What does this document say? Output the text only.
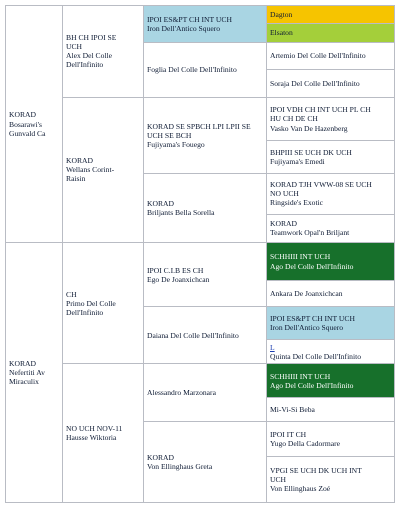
KORAD
Bosarawi's
Gunvald Ca	BH CH IPOI SE
UCH
Alex Del Colle
Dell'Infinito	IPOI ES&PT CH INT UCH
Iron Dell'Antico Squero	Dagton

			Elsaton

		Foglia Del Colle Dell'Infinito	Artemio Del Colle Dell'Infinito

			Soraja Del Colle Dell'Infinito

	KORAD
Wellans Corint-
Raisin	KORAD SE SPBCH LPI LPII SE
UCH SE BCH
Fujiyama's Fouego	IPOI VDH CH INT UCH PL CH
HU CH DE CH
Vasko Van De Hazenberg

			BHPIII SE UCH DK UCH
Fujiyama's Emedi

		KORAD
Briljants Bella Sorella	KORAD TJH VWW-08 SE UCH
NO UCH
Ringside's Exotic

			KORAD
Teamwork Opal'n Briljant

KORAD
Nefertiti Av
Miraculix	CH
Primo Del Colle
Dell'Infinito	IPOI C.I.B ES CH
Ego De Joanxichcan	SCHHIII INT UCH
Ago Del Colle Dell'Infinito

			Ankara De Joanxichcan

		Daiana Del Colle Dell'Infinito	IPOI ES&PT CH INT UCH
Iron Dell'Antico Squero

			L
Quinta Del Colle Dell'Infinito

	NO UCH NOV-11
Hausse Wiktoria	Alessandro Marzonara	SCHHIII INT UCH
Ago Del Colle Dell'Infinito

			Mi-Vi-Si Beba

		KORAD
Von Ellinghaus Greta	IPOI IT CH
Yugo Della Cadormare

			VPGI SE UCH DK UCH INT
UCH
Von Ellinghaus Zoé
